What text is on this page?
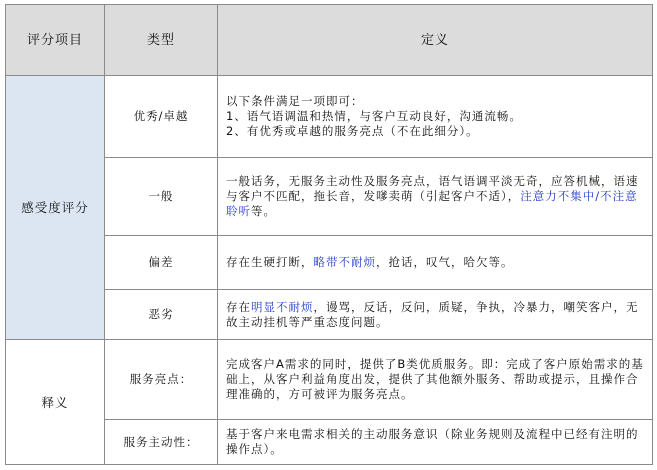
评分项目	类型	定义
感受度评分	优秀/卓越	以下条件满足一项即可：
1、语气语调温和热情，与客户互动良好，沟通流畅。
2、有优秀或卓越的服务亮点（不在此细分）。

	一般	一般话务，无服务主动性及服务亮点，语气语调平淡无奇，应答机械，语速与客户不匹配，拖长音，发嗲卖萌（引起客户不适），注意力不集中/不注意聆听等。
	偏差	存在生硬打断，略带不耐烦，抢话，叹气，哈欠等。
	恶劣	存在明显不耐烦，谩骂，反话，反问，质疑，争执，冷暴力，嘲笑客户，无故主动挂机等严重态度问题。
释义	服务亮点：	完成客户A需求的同时，提供了B类优质服务。即：完成了客户原始需求的基础上，从客户利益角度出发，提供了其他额外服务、帮助或提示，且操作合理准确的，方可被评为服务亮点。
	服务主动性：	基于客户来电需求相关的主动服务意识（除业务规则及流程中已经有注明的操作点）。
